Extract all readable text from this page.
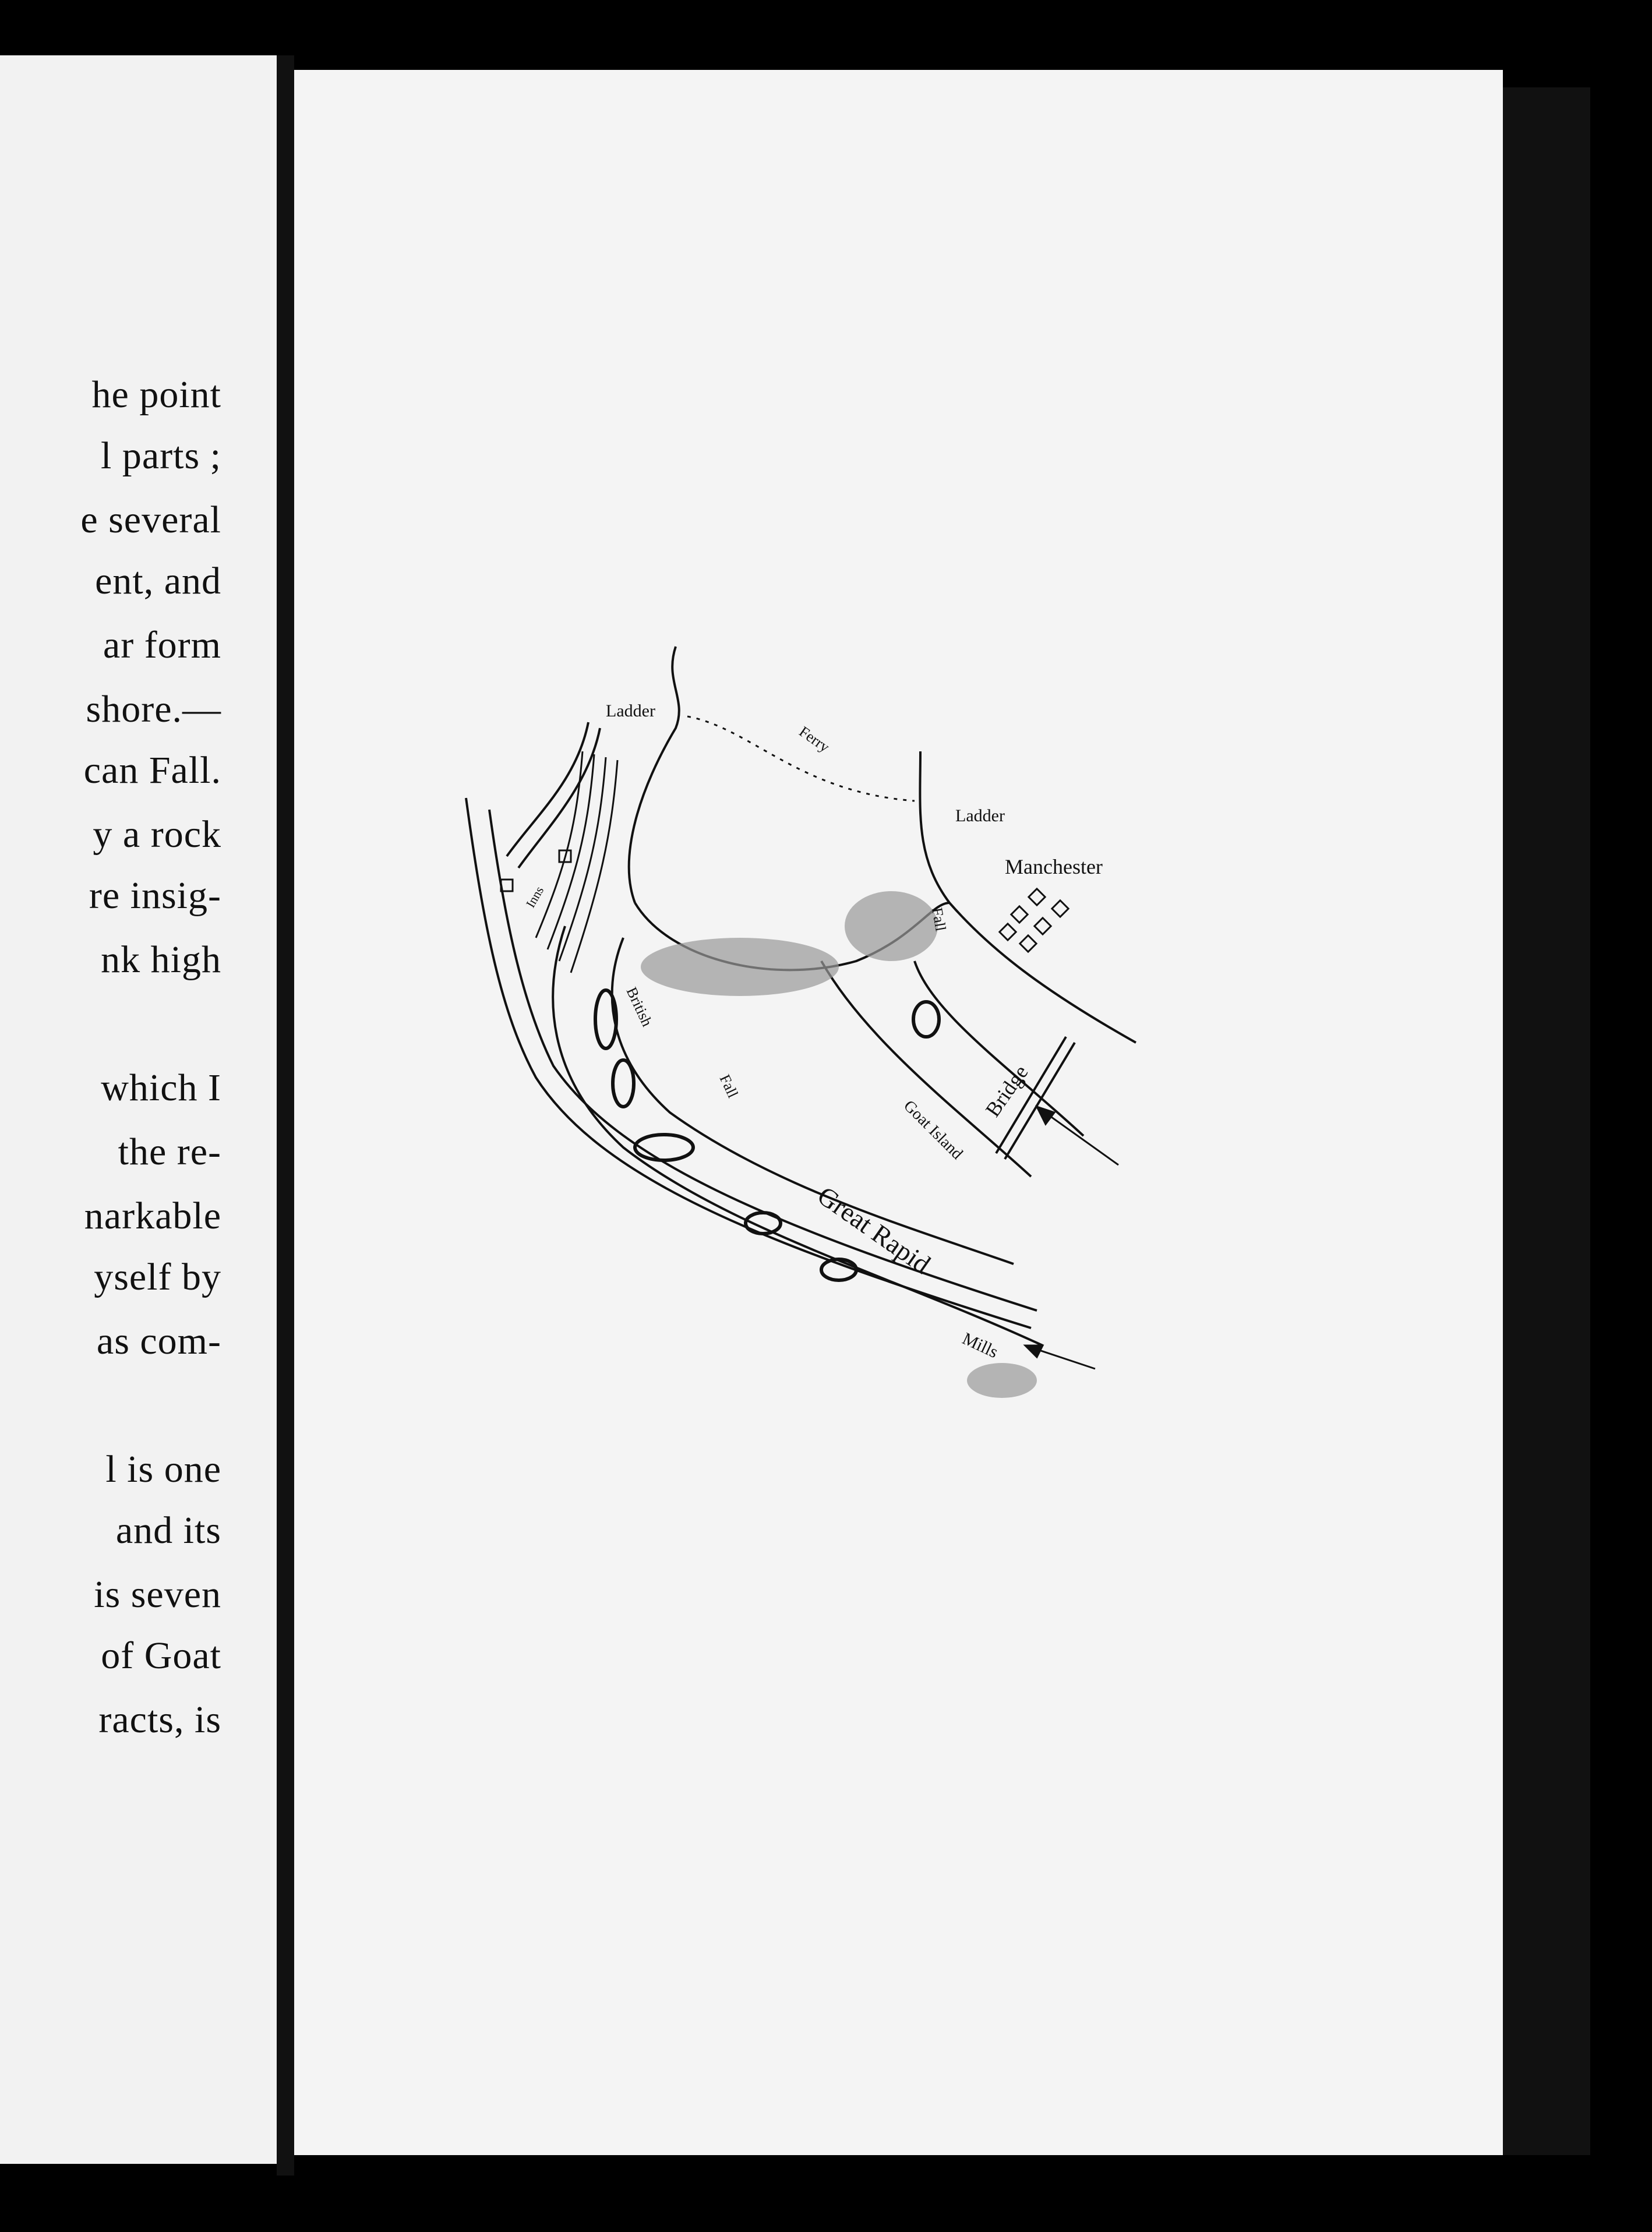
he point
l parts ;
e several
ent, and
ar form
shore.—
can Fall.
y a rock
re insig-
nk high
which I
the re-
narkable
yself by
as com-
l is one
and its
is seven
of Goat
racts, is
Ladder
Ferry
Ladder
Manchester
Inns
British
Fall
Fall
Bridge
Goat Island
Great Rapid
Mills
